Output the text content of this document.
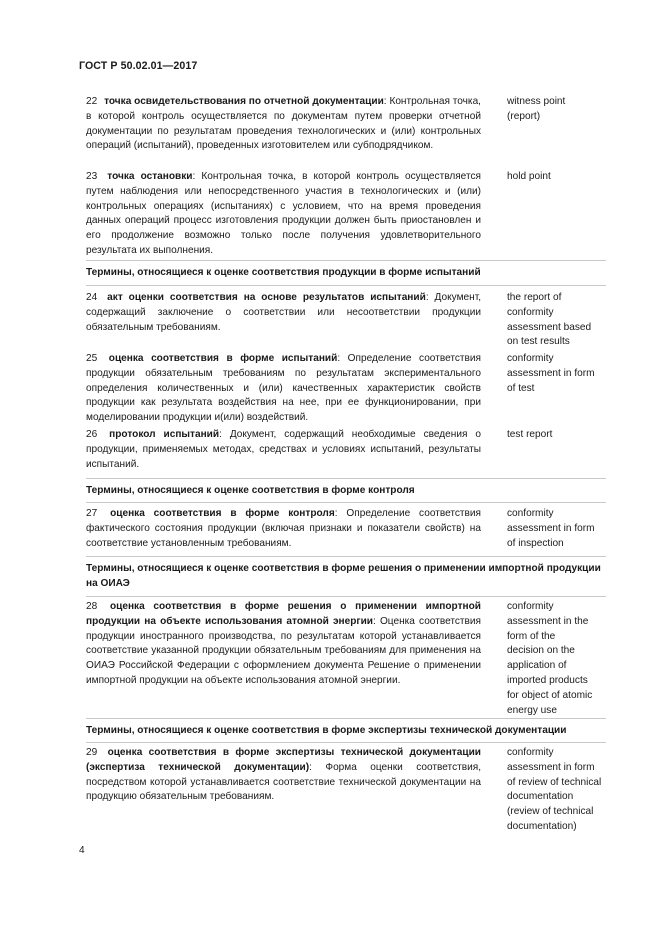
ГОСТ Р 50.02.01—2017
22 точка освидетельствования по отчетной документации: Контрольная точка, в которой контроль осуществляется по документам путем проверки отчетной документации по результатам проведения технологических и (или) контрольных операций (испытаний), проведенных изготовителем или субподрядчиком.
witness point
(report)
23 точка остановки: Контрольная точка, в которой контроль осуществляется путем наблюдения или непосредственного участия в технологических и (или) контрольных операциях (испытаниях) с условием, что на время проведения данных операций процесс изготовления продукции должен быть приостановлен и его продолжение возможно только после получения удовлетворительного результата их выполнения.
hold point
Термины, относящиеся к оценке соответствия продукции в форме испытаний
24 акт оценки соответствия на основе результатов испытаний: Документ, содержащий заключение о соответствии или несоответствии продукции обязательным требованиям.
the report of
conformity
assessment based
on test results
25 оценка соответствия в форме испытаний: Определение соответствия продукции обязательным требованиям по результатам экспериментального определения количественных и (или) качественных характеристик свойств продукции как результата воздействия на нее, при ее функционировании, при моделировании продукции и(или) воздействий.
conformity
assessment in form
of test
26 протокол испытаний: Документ, содержащий необходимые сведения о продукции, применяемых методах, средствах и условиях испытаний, результаты испытаний.
test report
Термины, относящиеся к оценке соответствия в форме контроля
27 оценка соответствия в форме контроля: Определение соответствия фактического состояния продукции (включая признаки и показатели свойств) на соответствие установленным требованиям.
conformity
assessment in form
of inspection
Термины, относящиеся к оценке соответствия в форме решения о применении импортной продукции на ОИАЭ
28 оценка соответствия в форме решения о применении импортной продукции на объекте использования атомной энергии: Оценка соответствия продукции иностранного производства, по результатам которой устанавливается соответствие указанной продукции обязательным требованиям для применения на ОИАЭ Российской Федерации с оформлением документа Решение о применении импортной продукции на объекте использования атомной энергии.
conformity
assessment in the
form of the
decision on the
application of
imported products
for object of atomic
energy use
Термины, относящиеся к оценке соответствия в форме экспертизы технической документации
29 оценка соответствия в форме экспертизы технической документации (экспертиза технической документации): Форма оценки соответствия, посредством которой устанавливается соответствие технической документации на продукцию обязательным требованиям.
conformity
assessment in form
of review of technical
documentation
(review of technical
documentation)
4
